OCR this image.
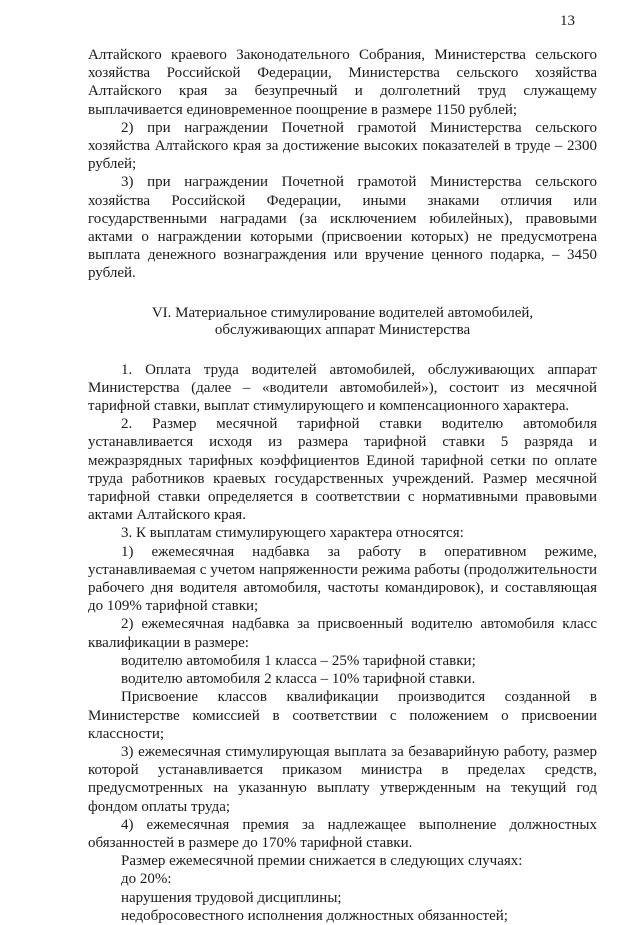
13

Алтайского краевого Законодательного Собрания, Министерства сельского хозяйства Российской Федерации, Министерства сельского хозяйства Алтайского края за безупречный и долголетний труд служащему выплачивается единовременное поощрение в размере 1150 рублей;

2) при награждении Почетной грамотой Министерства сельского хозяйства Алтайского края за достижение высоких показателей в труде – 2300 рублей;

3) при награждении Почетной грамотой Министерства сельского хозяйства Российской Федерации, иными знаками отличия или государственными наградами (за исключением юбилейных), правовыми актами о награждении которыми (присвоении которых) не предусмотрена выплата денежного вознаграждения или вручение ценного подарка, – 3450 рублей.

VI. Материальное стимулирование водителей автомобилей,
обслуживающих аппарат Министерства

1. Оплата труда водителей автомобилей, обслуживающих аппарат Министерства (далее – «водители автомобилей»), состоит из месячной тарифной ставки, выплат стимулирующего и компенсационного характера.

2. Размер месячной тарифной ставки водителю автомобиля устанавливается исходя из размера тарифной ставки 5 разряда и межразрядных тарифных коэффициентов Единой тарифной сетки по оплате труда работников краевых государственных учреждений. Размер месячной тарифной ставки определяется в соответствии с нормативными правовыми актами Алтайского края.

3. К выплатам стимулирующего характера относятся:

1) ежемесячная надбавка за работу в оперативном режиме, устанавливаемая с учетом напряженности режима работы (продолжительности рабочего дня водителя автомобиля, частоты командировок), и составляющая до 109% тарифной ставки;

2) ежемесячная надбавка за присвоенный водителю автомобиля класс квалификации в размере:

водителю автомобиля 1 класса – 25% тарифной ставки;

водителю автомобиля 2 класса – 10% тарифной ставки.

Присвоение классов квалификации производится созданной в Министерстве комиссией в соответствии с положением о присвоении классности;

3) ежемесячная стимулирующая выплата за безаварийную работу, размер которой устанавливается приказом министра в пределах средств, предусмотренных на указанную выплату утвержденным на текущий год фондом оплаты труда;

4) ежемесячная премия за надлежащее выполнение должностных обязанностей в размере до 170% тарифной ставки.

Размер ежемесячной премии снижается в следующих случаях:

до 20%:

нарушения трудовой дисциплины;

недобросовестного исполнения должностных обязанностей;
